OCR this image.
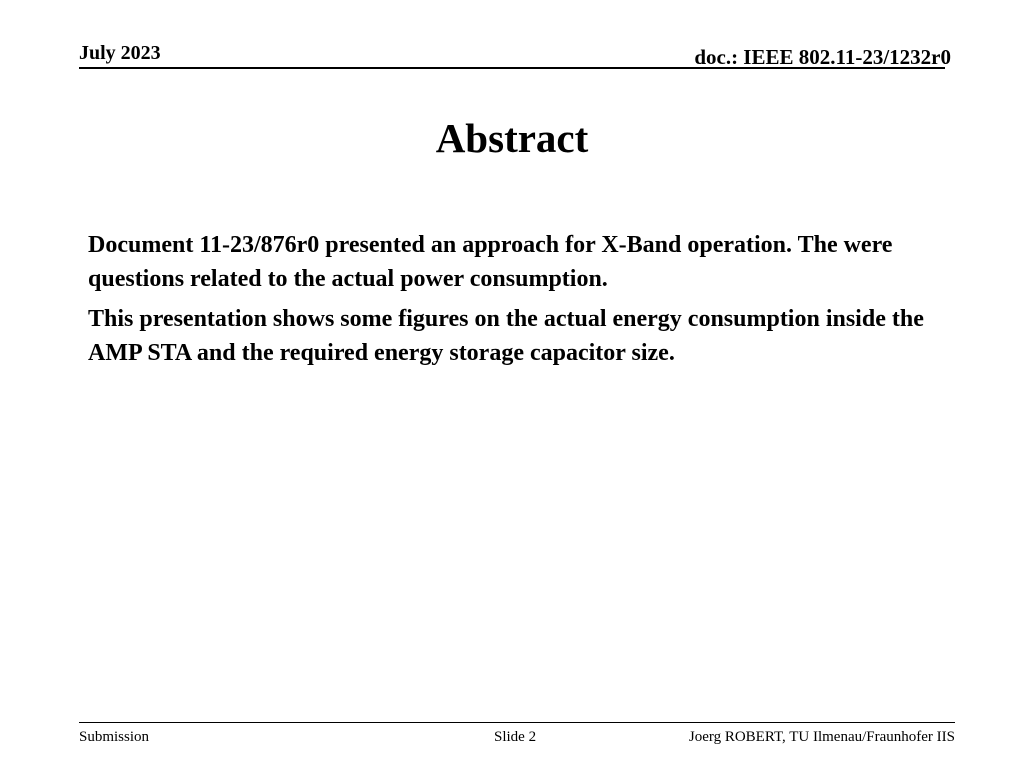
July 2023	doc.: IEEE 802.11-23/1232r0
Abstract

Document 11-23/876r0 presented an approach for X-Band operation. The were questions related to the actual power consumption.

This presentation shows some figures on the actual energy consumption inside the AMP STA and the required energy storage capacitor size.

Submission	Slide 2	Joerg ROBERT, TU Ilmenau/Fraunhofer IIS
